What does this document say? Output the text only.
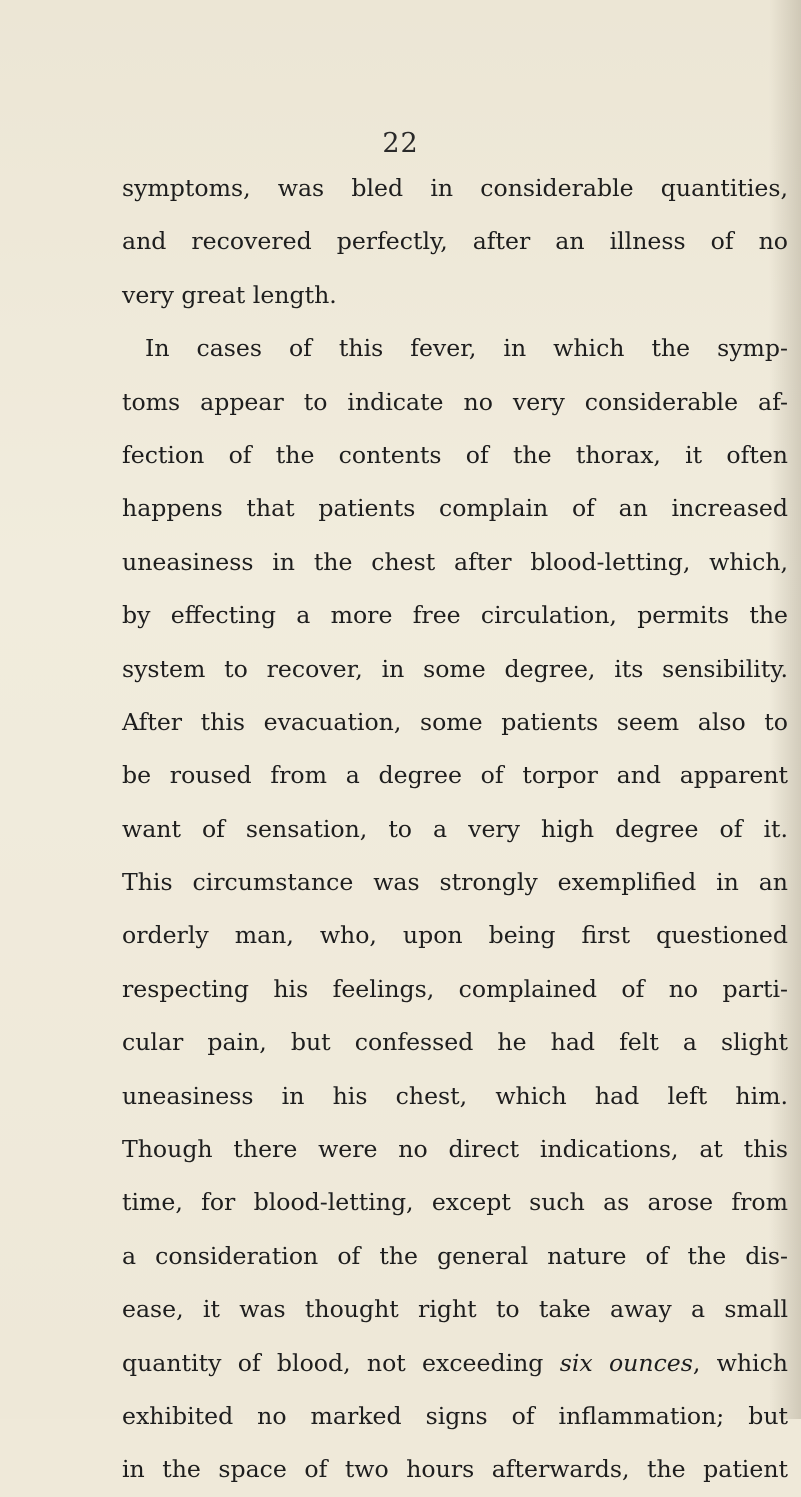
22
symptoms, was bled in considerable quantities,
and recovered perfectly, after an illness of no
very great length.
In cases of this fever, in which the symp-
toms appear to indicate no very considerable af-
fection of the contents of the thorax, it often
happens that patients complain of an increased
uneasiness in the chest after blood-letting, which,
by effecting a more free circulation, permits the
system to recover, in some degree, its sensibility.
After this evacuation, some patients seem also to
be roused from a degree of torpor and apparent
want of sensation, to a very high degree of it.
This circumstance was strongly exemplified in an
orderly man, who, upon being first questioned
respecting his feelings, complained of no parti-
cular pain, but confessed he had felt a slight
uneasiness in his chest, which had left him.
Though there were no direct indications, at this
time, for blood-letting, except such as arose from
a consideration of the general nature of the dis-
ease, it was thought right to take away a small
quantity of blood, not exceeding six ounces, which
exhibited no marked signs of inflammation; but
in the space of two hours afterwards, the patient
